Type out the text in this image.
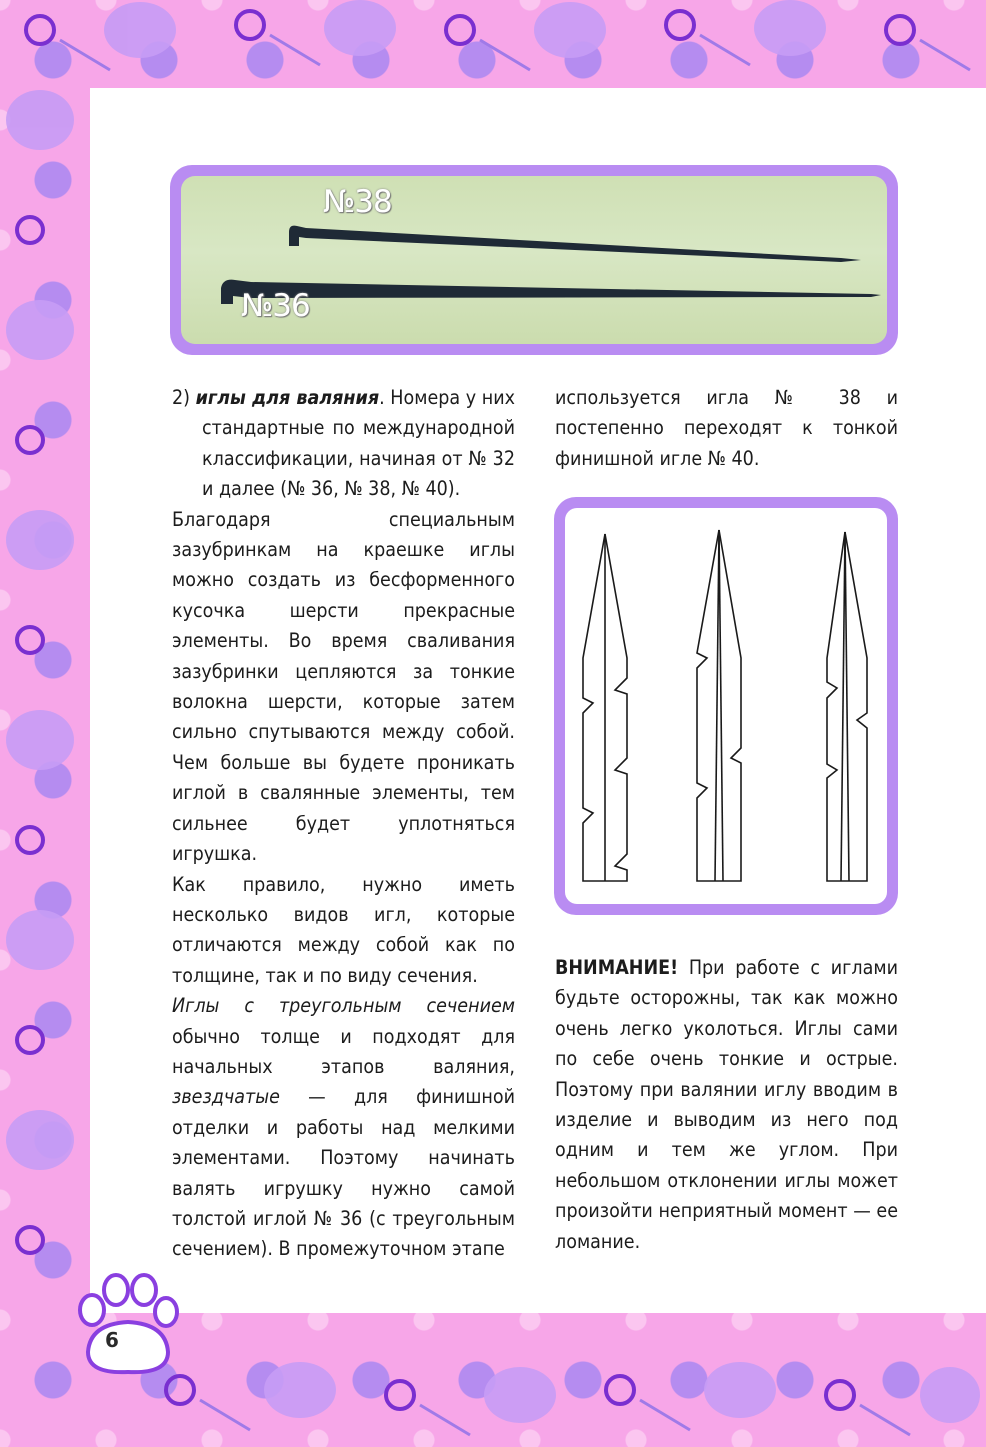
№38
№36

2) иглы для валяния. Номера у них стандартные по международной классификации, начиная от № 32 и далее (№ 36, № 38, № 40).

Благодаря специальным зазубринкам на краешке иглы можно создать из бесформенного кусочка шерсти прекрасные элементы. Во время сваливания зазубринки цепляются за тонкие волокна шерсти, которые затем сильно спутываются между собой. Чем больше вы будете проникать иглой в свалянные элементы, тем сильнее будет уплотняться игрушка.

Как правило, нужно иметь несколько видов игл, которые отличаются между собой как по толщине, так и по виду сечения.

Иглы с треугольным сечением обычно толще и подходят для начальных этапов валяния, звездчатые — для финишной отделки и работы над мелкими элементами. Поэтому начинать валять игрушку нужно самой толстой иглой № 36 (с треугольным сечением). В промежуточном этапе

используется игла № 38 и постепенно переходят к тонкой финишной игле № 40.

ВНИМАНИЕ! При работе с иглами будьте осторожны, так как можно очень легко уколоться. Иглы сами по себе очень тонкие и острые. Поэтому при валянии иглу вводим в изделие и выводим из него под одним и тем же углом. При небольшом отклонении иглы может произойти неприятный момент — ее ломание.

6
